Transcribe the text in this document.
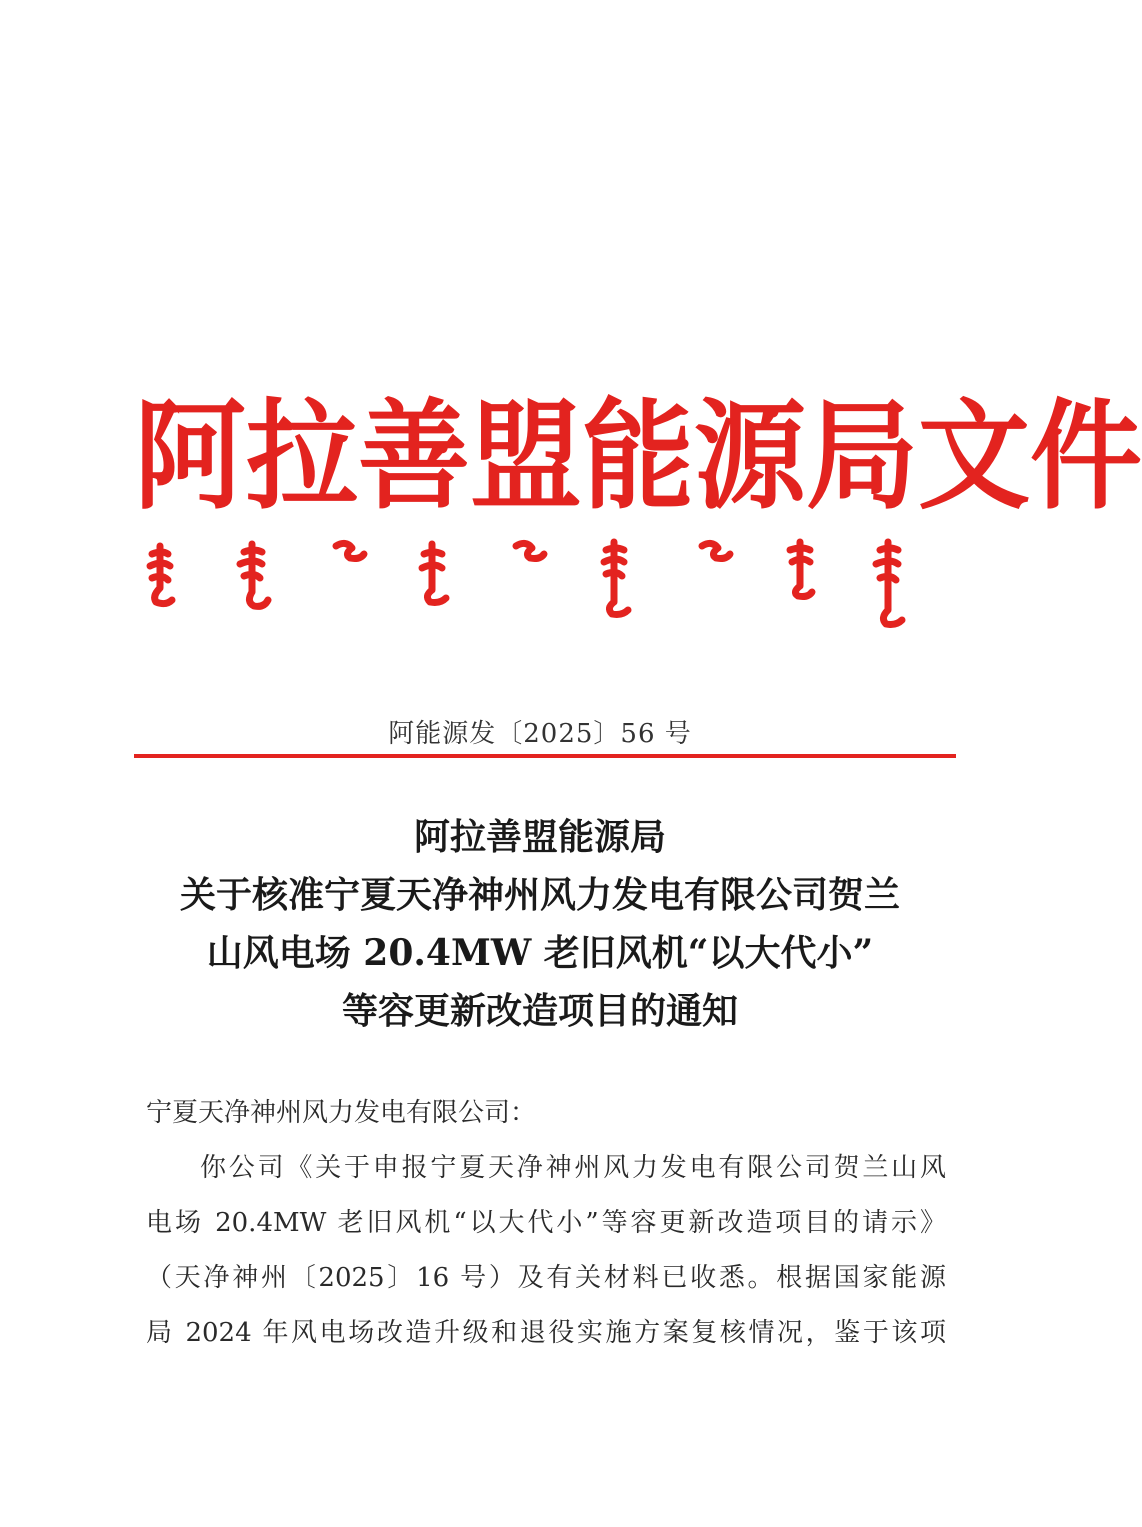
阿 拉 善 盟 能 源 局 文 件
阿能源发〔2025〕56 号
阿拉善盟能源局
关于核准宁夏天净神州风力发电有限公司贺兰
山风电场 20.4MW 老旧风机“以大代小”
等容更新改造项目的通知
宁夏天净神州风力发电有限公司：
你公司《关于申报宁夏天净神州风力发电有限公司贺兰山风
电场 20.4MW 老旧风机“以大代小”等容更新改造项目的请示》
（天净神州〔2025〕16 号）及有关材料已收悉。根据国家能源
局 2024 年风电场改造升级和退役实施方案复核情况，鉴于该项
